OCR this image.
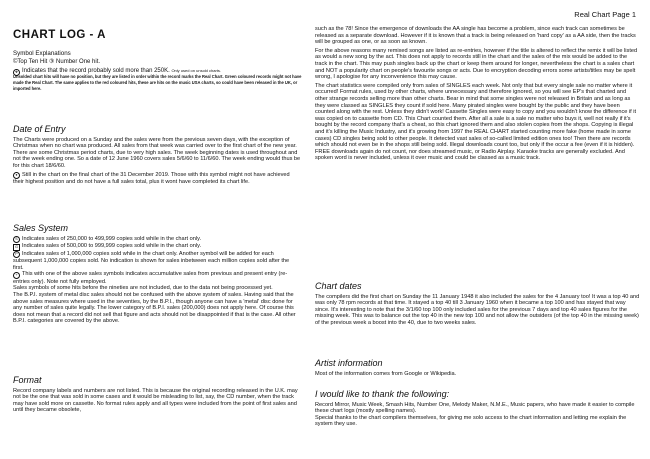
Real Chart Page 1
CHART LOG - A
Symbol Explanations
©Top Ten Hit ③ Number One hit.
❖ Indicates that the record probably sold more than 250K. Only used on unsold charts.
Unsolded chart hits will have no position, but they are listed in order within the record marks the Real Chart. Green coloured records might not have made the Real Chart. The same applies to the red coloured hits, these are hits on the music USA charts, so could have been released in the UK, or imported here.
Date of Entry

The Charts were produced on a Sunday and the sales were from the previous seven days, with the exception of Christmas when no chart was produced. All sales from that week was carried over to the first chart of the new year. There are some Christmas period charts, due to very high sales. The week beginning dates is used throughout and not the week ending one. So a date of 12 June 1960 covers sales 5/6/60 to 11/6/60. The week ending would thus be for this chart 18/6/60.

● Still in the chart on the final chart of the 31 December 2019. Those with this symbol might not have achieved their highest position and do not have a full sales total, plus it wont have completed its chart life.

Sales System

S Indicates sales of 250,000 to 499,999 copies sold while in the chart only.

G Indicates sales of 500,000 to 999,999 copies sold while in the chart only.

P Indicates sales of 1,000,000 copies sold while in the chart only. Another symbol will be added for each subsequent 1,000,000 copies sold. No indication is shown for sales inbetween each million copies sold after the first.

+ This with one of the above sales symbols indicates accumulative sales from previous and present entry (re-entries only). Note not fully employed.

Sales symbols of some hits before the nineties are not included, due to the data not being processed yet.

The B.P.I. system of metal disc sales should not be confused with the above system of sales. Having said that the above sales measures where used in the seventies, by the B.P.I., though anyone can have a 'metal' disc done for any number of sales quite legally. The lower category of B.P.I. sales (200,000) does not apply here. Of course this does not mean that a record did not sell that figure and acts should not be disappointed if that is the case. All other B.P.I. categories are covered by the above.

Format

Record company labels and numbers are not listed. This is because the original recording released in the U.K. may not be the one that was sold in some cases and it would be misleading to list, say, the CD number, when the track may have sold more on cassette. No format rules apply and all types were included from the point of first sales and until they became obsolete,

such as the 78! Since the emergence of downloads the AA single has become a problem, since each track can sometimes be released as a separate download. However if it is known that a track is being released on 'hard copy' as a AA side, then the tracks will be grouped as one, or as soon as known.

For the above reasons many remixed songs are listed as re-entries, however if the title is altered to reflect the remix it will be listed as would a new song by the act. This does not apply to records still in the chart and the sales of the mix would be added to the track in the chart. This may push singles back up the chart or keep them around for longer, nevertheless the chart is a sales chart and NOT a popularity chart on people's favourite songs or acts. Due to encryption decoding errors some artists/titles may be spelt wrong, I apologise for any inconvenience this may cause.

The chart statistics were compiled only from sales of SINGLES each week. Not only that but every single sale no matter where it occurred! Format rules, used by other charts, where unnecessary and therefore ignored, so you will see EP's that charted and other strange records selling more than other charts. Bear in mind that some singles were not released in Britain and as long as they were classed as SINGLES they count if sold here. Many pirated singles were bought by the public and they have been counted along with the rest. Unless they didn't work! Cassette Singles were easy to copy and you wouldn't know the difference if it was copied on to cassette from CD. This Chart counted them. After all a sale is a sale no matter who buys it, well not really if it's bought by the record company that's a cheat, so this chart ignored them and also stolen copies from the shops. Copying is illegal and it's killing the Music Industry, and it's growing from 1997 the REAL CHART started counting more fake (home made in some cases) CD singles being sold to other people. It detected vast sales of so-called limited edition ones too! Then there are records which should not even be in the shops still being sold. Illegal downloads count too, but only if the occur a fee (even if it is hidden). FREE downloads again do not count, nor does streamed music, or Radio Airplay. Karaoke tracks are generally excluded. And spoken word is never included, unless it over music and could be classed as a music track.

Chart dates

The compilers did the first chart on Sunday the 11 January 1948 it also included the sales for the 4 January too! It was a top 40 and was only 78 rpm records at that time. It stayed a top 40 till 3 January 1960 when it became a top 100 and has stayed that way since. It's interesting to note that the 3/1/60 top 100 only included sales for the previous 7 days and top 40 sales figures for the missing week. This was to balance out the top 40 in the new top 100 and not allow the outsiders (of the top 40 in the missing week) of the previous week a boost into the 40, due to two weeks sales.

Artist information

Most of the information comes from Google or Wikipedia.

I would like to thank the following:

Record Mirror, Music Week, Smash Hits, Number One, Melody Maker, N.M.E., Music papers, who have made it easier to compile these chart logs (mostly spelling names).

Special thanks to the chart compilers themselves, for giving me solo access to the chart information and letting me explain the system they use.
